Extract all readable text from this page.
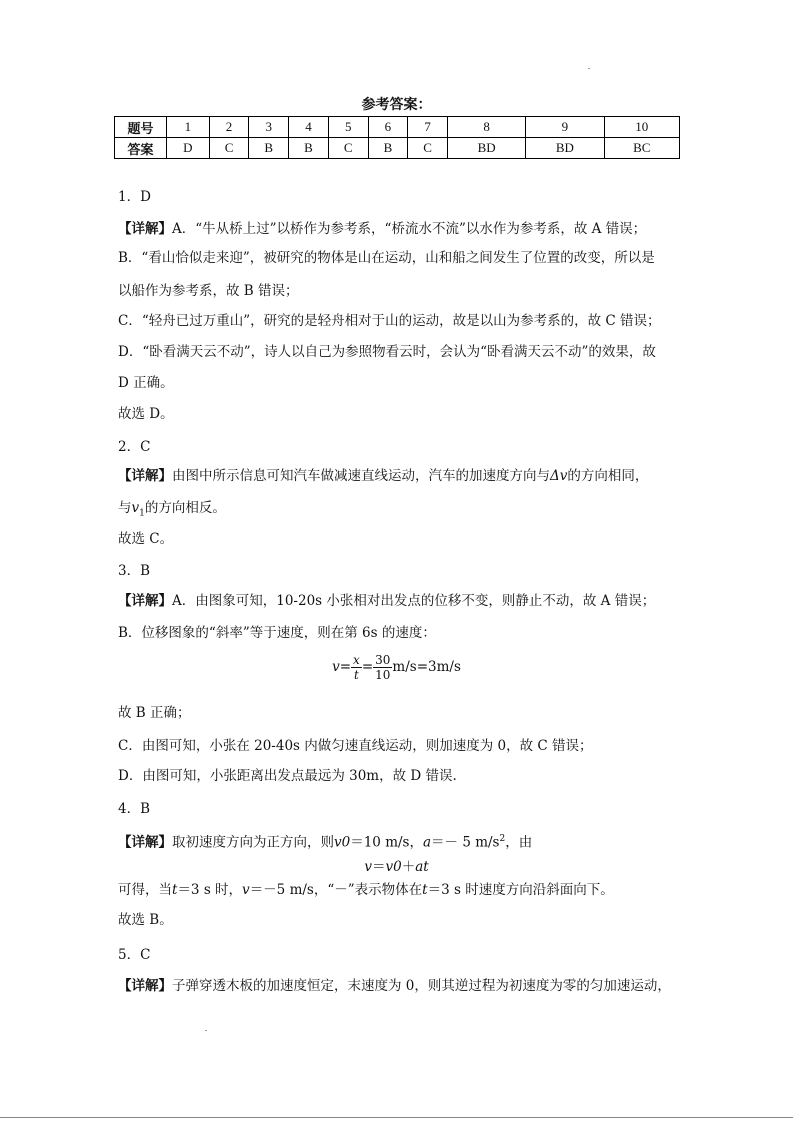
参考答案：
题号	1	2	3	4	5	6	7	8	9	10
答案	D	C	B	B	C	B	C	BD	BD	BC
1．D
【详解】A．“牛从桥上过”以桥作为参考系，“桥流水不流”以水作为参考系，故 A 错误；
B．“看山恰似走来迎”，被研究的物体是山在运动，山和船之间发生了位置的改变，所以是
以船作为参考系，故 B 错误；
C．“轻舟已过万重山”，研究的是轻舟相对于山的运动，故是以山为参考系的，故 C 错误；
D．“卧看满天云不动”，诗人以自己为参照物看云时，会认为“卧看满天云不动”的效果，故
D 正确。
故选 D。
2．C
【详解】由图中所示信息可知汽车做减速直线运动，汽车的加速度方向与Δv的方向相同，
与$v_1$的方向相反。
故选 C。
3．B
【详解】A．由图象可知，10-20s 小张相对出发点的位移不变，则静止不动，故 A 错误；
B．位移图象的“斜率”等于速度，则在第 6s 的速度：
$v= \frac{x}{t} = \frac{30}{10} m/s=3m/s$
故 B 正确；
C．由图可知，小张在 20-40s 内做匀速直线运动，则加速度为 0，故 C 错误；
D．由图可知，小张距离出发点最远为 30m，故 D 错误.
4．B
【详解】取初速度方向为正方向，则v0＝10 m/s，a＝－ 5 $m/s^2$，由
v＝v0＋at
可得，当t＝3 s 时，v＝－5 m/s，“－”表示物体在t＝3 s 时速度方向沿斜面向下。
故选 B。
5．C
【详解】子弹穿透木板的加速度恒定，末速度为 0，则其逆过程为初速度为零的匀加速运动，
